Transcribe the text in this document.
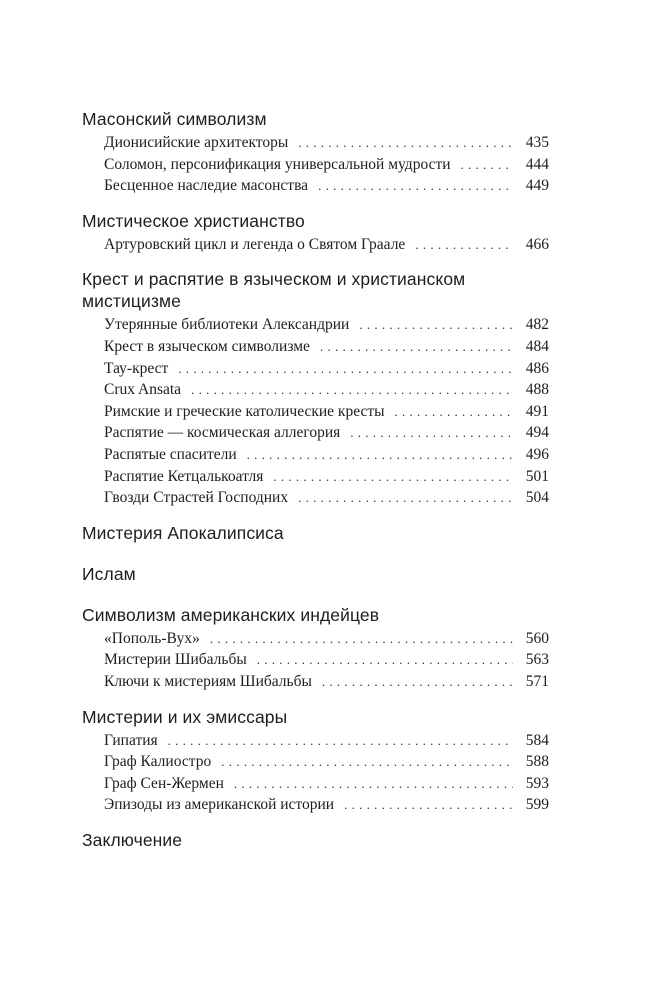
Масонский символизм
Дионисийские архитекторы . . .	435
Соломон, персонификация универсальной мудрости . . .	444
Бесценное наследие масонства . . .	449
Мистическое христианство
Артуровский цикл и легенда о Святом Граале . . .	466
Крест и распятие в языческом и христианском мистицизме
Утерянные библиотеки Александрии . . .	482
Крест в языческом символизме . . .	484
Тау-крест . . .	486
Crux Ansata . . .	488
Римские и греческие католические кресты . . .	491
Распятие — космическая аллегория . . .	494
Распятые спасители . . .	496
Распятие Кетцалькоатля . . .	501
Гвозди Страстей Господних . . .	504
Мистерия Апокалипсиса
Ислам
Символизм американских индейцев
«Пополь-Вух» . . .	560
Мистерии Шибальбы . . .	563
Ключи к мистериям Шибальбы . . .	571
Мистерии и их эмиссары
Гипатия . . .	584
Граф Калиостро . . .	588
Граф Сен-Жермен . . .	593
Эпизоды из американской истории . . .	599
Заключение
